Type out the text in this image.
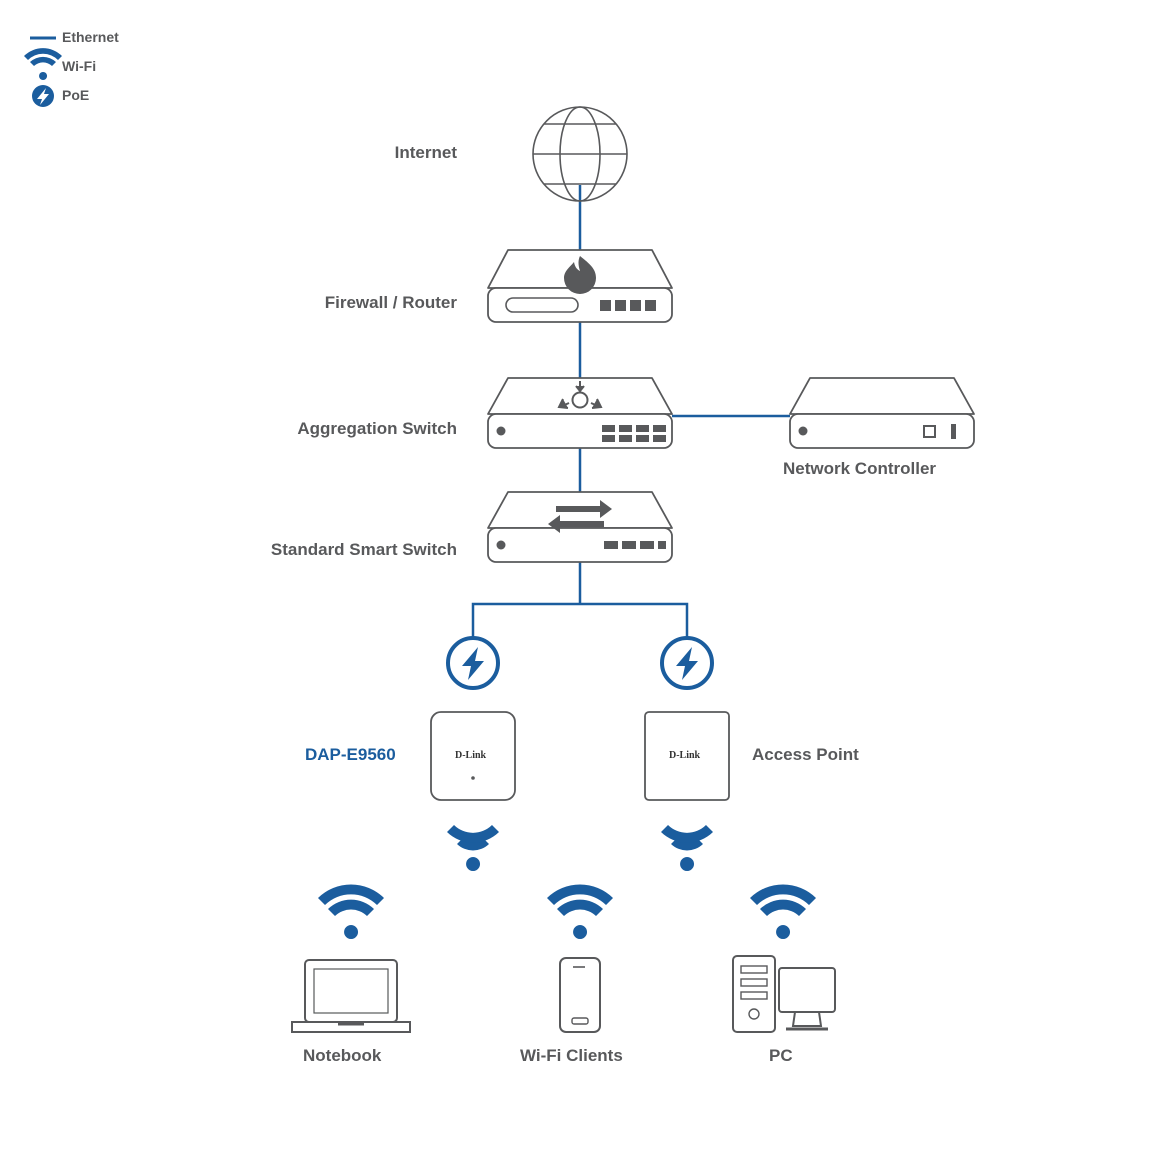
Ethernet
Wi-Fi
PoE
Internet
Firewall / Router
Aggregation Switch
Network Controller
Standard Smart Switch
DAP-E9560	D-Link	D-Link	Access Point
Notebook	Wi-Fi Clients	PC
